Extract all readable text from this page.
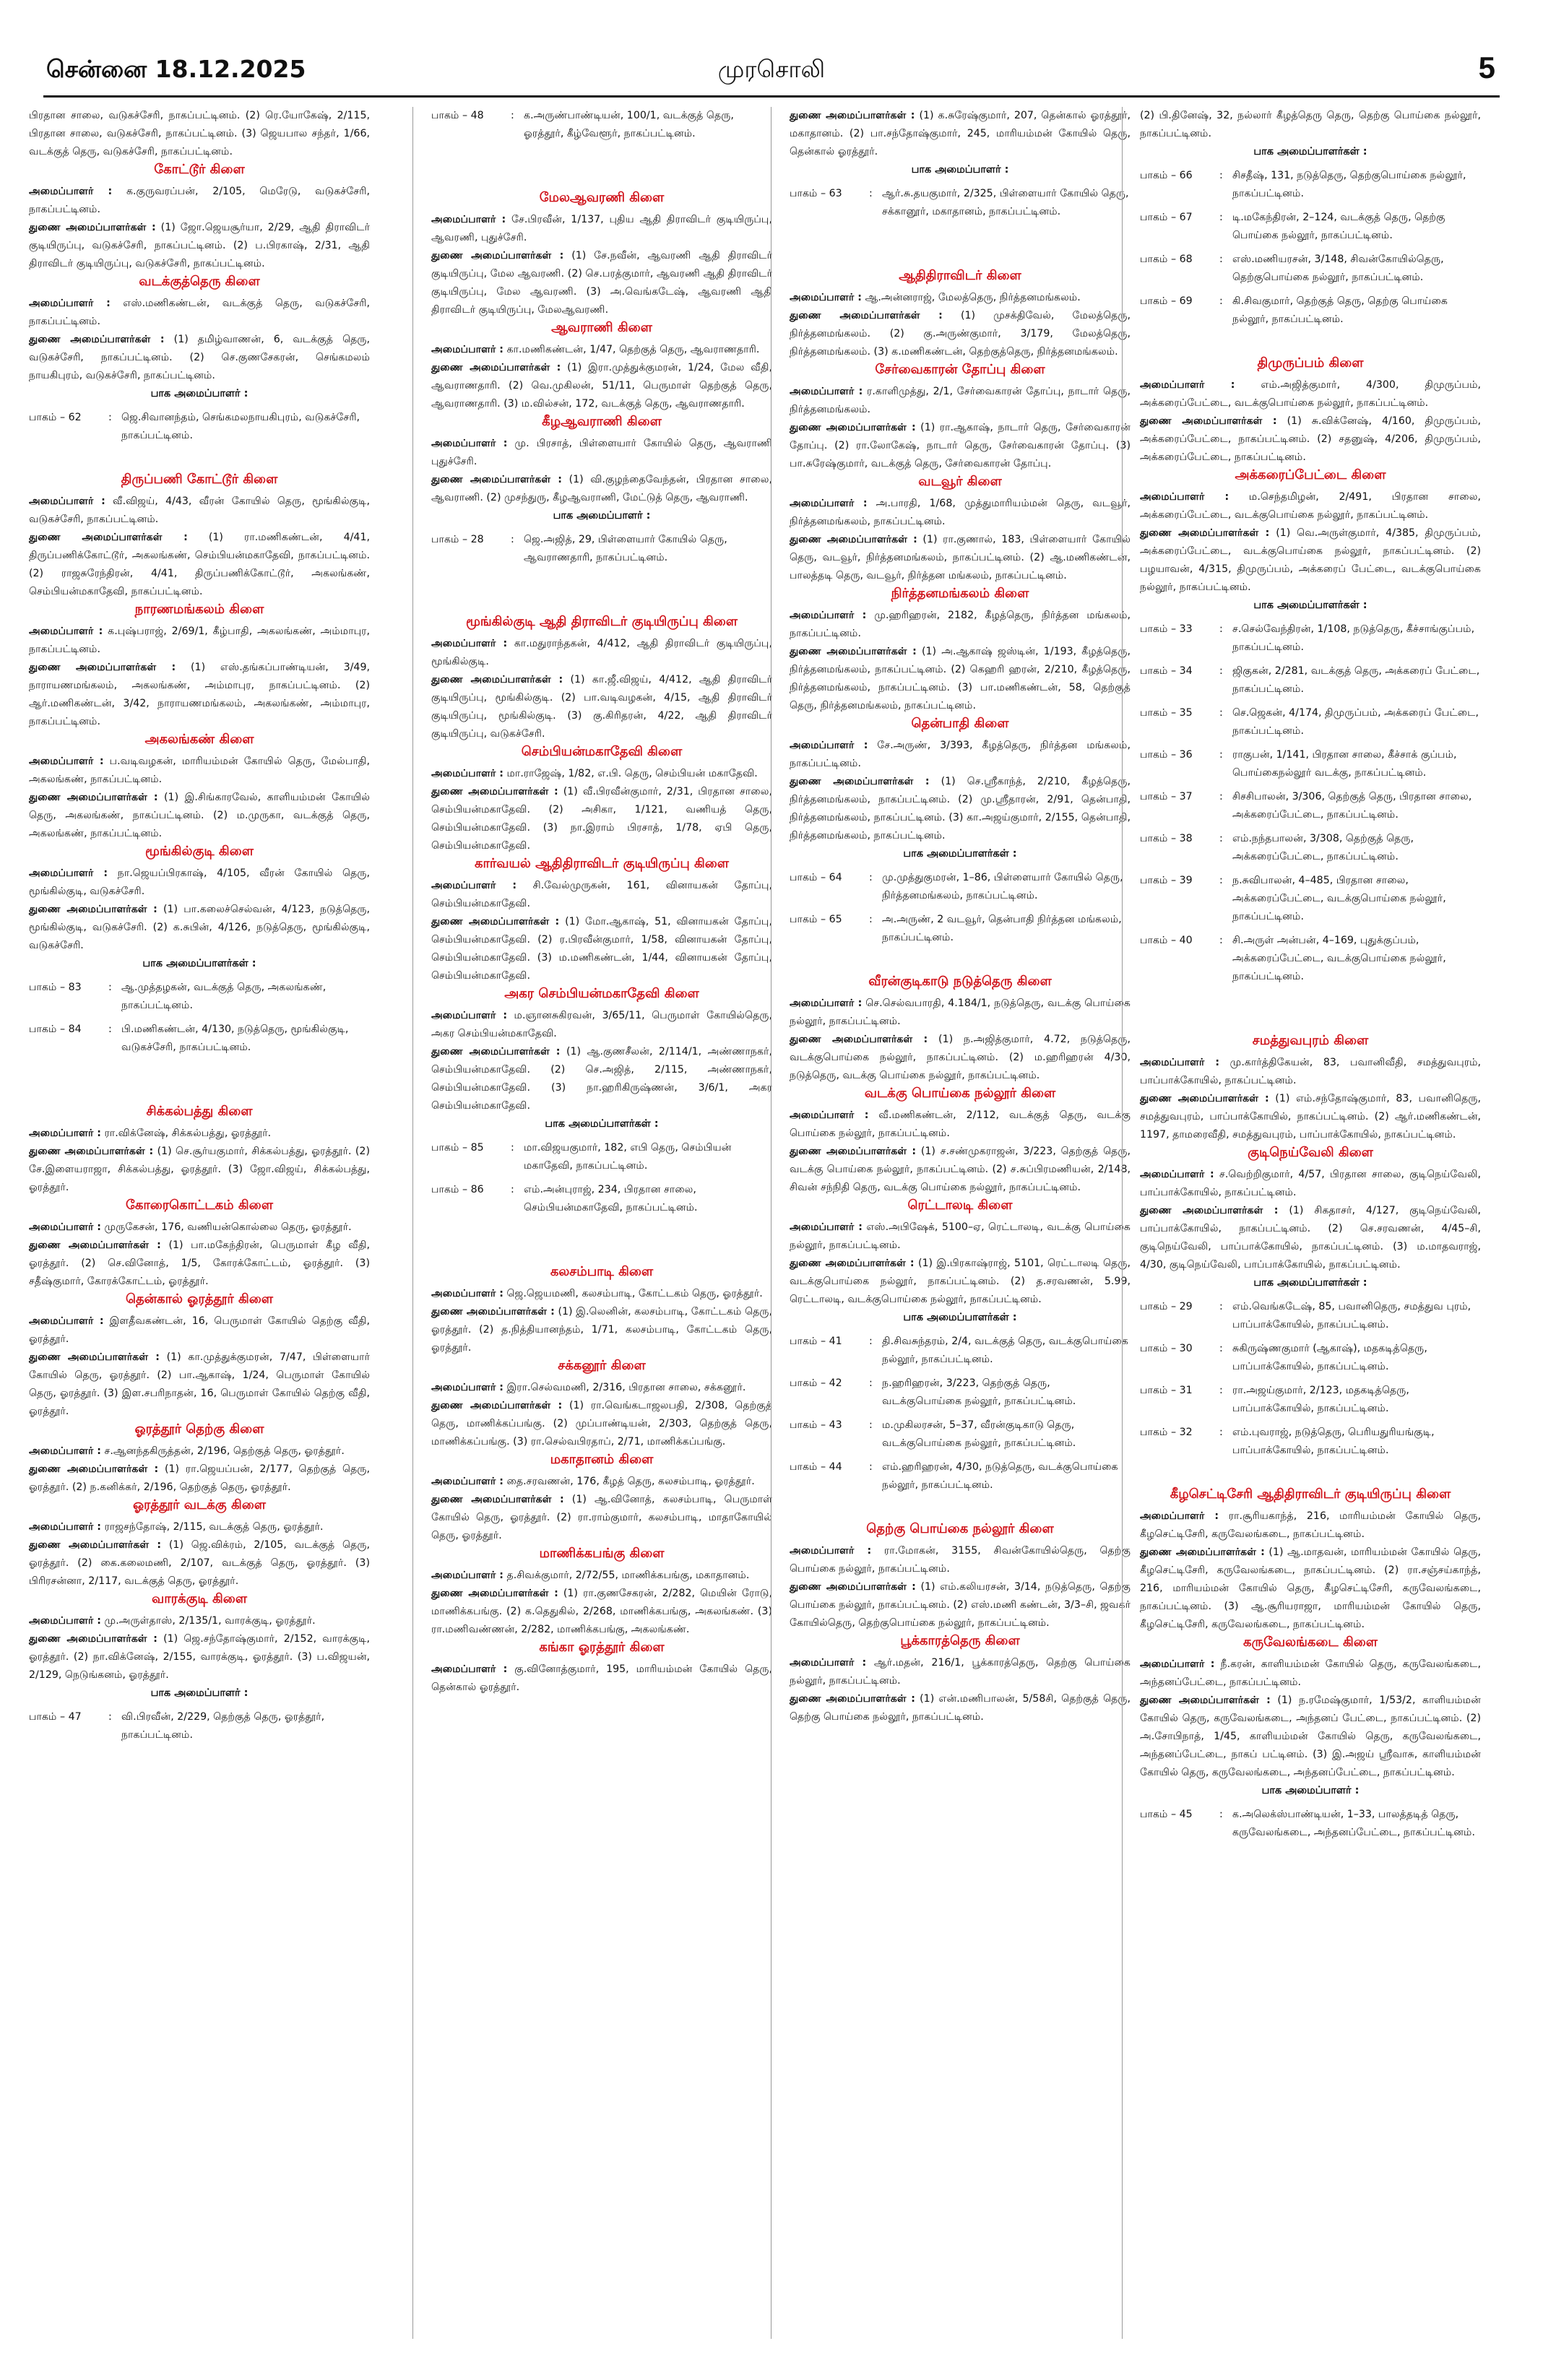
சென்னை 18.12.2025	முரசொலி	5

பிரதான சாலை, வடுகச்சேரி, நாகப்பட்டினம். (2) ரெ.யோகேஷ், 2/115, பிரதான சாலை, வடுகச்சேரி, நாகப்பட்டினம். (3) ஜெயபால சந்தர், 1/66, வடக்குத் தெரு, வடுகச்சேரி, நாகப்பட்டினம்.

கோட்டூர் கிளை

அமைப்பாளர் : க.குருவரப்பன், 2/105, மெரேடு, வடுகச்சேரி, நாகப்பட்டினம்.

துணை அமைப்பாளர்கள் : (1) ஜோ.ஜெயசூர்யா, 2/29, ஆதி திராவிடர் குடியிருப்பு, வடுகச்சேரி, நாகப்பட்டினம். (2) ப.பிரகாஷ், 2/31, ஆதி திராவிடர் குடியிருப்பு, வடுகச்சேரி, நாகப்பட்டினம்.

வடக்குத்தெரு கிளை

அமைப்பாளர் : எஸ்.மணிகண்டன், வடக்குத் தெரு, வடுகச்சேரி, நாகப்பட்டினம்.

துணை அமைப்பாளர்கள் : (1) தமிழ்வாணன், 6, வடக்குத் தெரு, வடுகச்சேரி, நாகப்பட்டினம். (2) செ.குணசேகரன், செங்கமலம் நாயகிபுரம், வடுகச்சேரி, நாகப்பட்டினம்.

பாக அமைப்பாளர் :
பாகம் – 62	: ஜெ.சிவானந்தம், செங்கமலநாயகிபுரம், வடுகச்சேரி, நாகப்பட்டினம்.
திருப்பணி கோட்டூர் கிளை

அமைப்பாளர் : வீ.விஜய், 4/43, வீரன் கோயில் தெரு, மூங்கில்குடி, வடுகச்சேரி, நாகப்பட்டினம்.

துணை அமைப்பாளர்கள் : (1) ரா.மணிகண்டன், 4/41, திருப்பணிக்கோட்டூர், அகலங்கண், செம்பியன்மகாதேவி, நாகப்பட்டினம். (2) ராஜசுரேந்திரன், 4/41, திருப்பணிக்கோட்டூர், அகலங்கண், செம்பியன்மகாதேவி, நாகப்பட்டினம்.

நாரணமங்கலம் கிளை

அமைப்பாளர் : க.புஷ்பராஜ், 2/69/1, கீழ்பாதி, அகலங்கண், அம்மாபுர, நாகப்பட்டினம்.

துணை அமைப்பாளர்கள் : (1) எஸ்.தங்கப்பாண்டியன், 3/49, நாராயணமங்கலம், அகலங்கண், அம்மாபுர, நாகப்பட்டினம். (2) ஆர்.மணிகண்டன், 3/42, நாராயணமங்கலம், அகலங்கண், அம்மாபுர, நாகப்பட்டினம்.

அகலங்கண் கிளை

அமைப்பாளர் : ப.வடிவழகன், மாரியம்மன் கோயில் தெரு, மேல்பாதி, அகலங்கண், நாகப்பட்டினம்.

துணை அமைப்பாளர்கள் : (1) இ.சிங்காரவேல், காளியம்மன் கோயில் தெரு, அகலங்கண், நாகப்பட்டினம். (2) ம.முருகா, வடக்குத் தெரு, அகலங்கண், நாகப்பட்டினம்.

மூங்கில்குடி கிளை

அமைப்பாளர் : நா.ஜெயப்பிரகாஷ், 4/105, வீரன் கோயில் தெரு, மூங்கில்குடி, வடுகச்சேரி.

துணை அமைப்பாளர்கள் : (1) பா.கலைச்செல்வன், 4/123, நடுத்தெரு, மூங்கில்குடி, வடுகச்சேரி. (2) க.சுபின், 4/126, நடுத்தெரு, மூங்கில்குடி, வடுகச்சேரி.

பாக அமைப்பாளர்கள் :
பாகம் – 83	: ஆ.முத்தழகன், வடக்குத் தெரு, அகலங்கண், நாகப்பட்டினம்.
பாகம் – 84	: பி.மணிகண்டன், 4/130, நடுத்தெரு, மூங்கில்குடி, வடுகச்சேரி, நாகப்பட்டினம்.
சிக்கல்பத்து கிளை

அமைப்பாளர் : ரா.விக்னேஷ், சிக்கல்பத்து, ஓரத்தூர்.

துணை அமைப்பாளர்கள் : (1) செ.சூர்யகுமார், சிக்கல்பத்து, ஓரத்தூர். (2) சே.இளையராஜா, சிக்கல்பத்து, ஓரத்தூர். (3) ஜோ.விஜய், சிக்கல்பத்து, ஓரத்தூர்.

கோரைகொட்டகம் கிளை

அமைப்பாளர் : முருகேசன், 176, வணியன்கொல்லை தெரு, ஓரத்தூர்.

துணை அமைப்பாளர்கள் : (1) பா.மகேந்திரன், பெருமாள் கீழ வீதி, ஓரத்தூர். (2) செ.வினோத், 1/5, கோரக்கோட்டம், ஓரத்தூர். (3) சதீஷ்குமார், கோரக்கோட்டம், ஓரத்தூர்.

தென்கால் ஓரத்தூர் கிளை

அமைப்பாளர் : இளதீவகண்டன், 16, பெருமாள் கோயில் தெற்கு வீதி, ஓரத்தூர்.

துணை அமைப்பாளர்கள் : (1) கா.முத்துக்குமரன், 7/47, பிள்ளையார் கோயில் தெரு, ஓரத்தூர். (2) பா.ஆகாஷ், 1/24, பெருமாள் கோயில் தெரு, ஓரத்தூர். (3) இள.சபரிநாதன், 16, பெருமாள் கோயில் தெற்கு வீதி, ஓரத்தூர்.

ஓரத்தூர் தெற்கு கிளை

அமைப்பாளர் : ச.ஆனந்தகிருத்தன், 2/196, தெற்குத் தெரு, ஓரத்தூர்.

துணை அமைப்பாளர்கள் : (1) ரா.ஜெயப்பன், 2/177, தெற்குத் தெரு, ஓரத்தூர். (2) ந.கனிக்கர், 2/196, தெற்குத் தெரு, ஓரத்தூர்.

ஓரத்தூர் வடக்கு கிளை

அமைப்பாளர் : ராஜசந்தோஷ், 2/115, வடக்குத் தெரு, ஓரத்தூர்.

துணை அமைப்பாளர்கள் : (1) ஜெ.விக்ரம், 2/105, வடக்குத் தெரு, ஓரத்தூர். (2) கை.கலைமணி, 2/107, வடக்குத் தெரு, ஓரத்தூர். (3) பிரிரசன்னா, 2/117, வடக்குத் தெரு, ஓரத்தூர்.

வாரக்குடி கிளை

அமைப்பாளர் : மு.அருள்தாஸ், 2/135/1, வாரக்குடி, ஓரத்தூர்.

துணை அமைப்பாளர்கள் : (1) ஜெ.சந்தோஷ்குமார், 2/152, வாரக்குடி, ஓரத்தூர். (2) நா.விக்னேஷ், 2/155, வாரக்குடி, ஓரத்தூர். (3) ப.விஜயன், 2/129, நெடுங்கனம், ஓரத்தூர்.

பாக அமைப்பாளர் :
பாகம் – 47	: வி.பிரவீன், 2/229, தெற்குத் தெரு, ஓரத்தூர், நாகப்பட்டினம்.
பாகம் – 48	: க.அருண்பாண்டியன், 100/1, வடக்குத் தெரு, ஓரத்தூர், கீழ்வேளூர், நாகப்பட்டினம்.
மேலஆவரணி கிளை

அமைப்பாளர் : சே.பிரவீன், 1/137, புதிய ஆதி திராவிடர் குடியிருப்பு, ஆவரணி, புதுச்சேரி.

துணை அமைப்பாளர்கள் : (1) சே.நவீன், ஆவரணி ஆதி திராவிடர் குடியிருப்பு, மேல ஆவரணி. (2) செ.பரத்குமார், ஆவரணி ஆதி திராவிடர் குடியிருப்பு, மேல ஆவரணி. (3) அ.வெங்கடேஷ், ஆவரணி ஆதி திராவிடர் குடியிருப்பு, மேலஆவரணி.

ஆவராணி கிளை

அமைப்பாளர் : கா.மணிகண்டன், 1/47, தெற்குத் தெரு, ஆவராணதாரி.

துணை அமைப்பாளர்கள் : (1) இரா.முத்துக்குமரன், 1/24, மேல வீதி, ஆவராணதாரி. (2) வெ.முகிலன், 51/11, பெருமாள் தெற்குத் தெரு, ஆவராணதாரி. (3) ம.வில்சன், 172, வடக்குத் தெரு, ஆவராணதாரி.

கீழஆவராணி கிளை

அமைப்பாளர் : மு. பிரசாத், பிள்ளையார் கோயில் தெரு, ஆவராணி புதுச்சேரி.

துணை அமைப்பாளர்கள் : (1) வி.குழந்தைவேந்தன், பிரதான சாலை, ஆவராணி. (2) முசந்துரு, கீழஆவராணி, மேட்டுத் தெரு, ஆவராணி.

பாக அமைப்பாளர் :
பாகம் – 28	: ஜெ.அஜித், 29, பிள்ளையார் கோயில் தெரு, ஆவராணதாரி, நாகப்பட்டினம்.
மூங்கில்குடி ஆதி திராவிடர் குடியிருப்பு கிளை

அமைப்பாளர் : கா.மதுராந்தகன், 4/412, ஆதி திராவிடர் குடியிருப்பு, மூங்கில்குடி.

துணை அமைப்பாளர்கள் : (1) கா.ஜீ.விஜய், 4/412, ஆதி திராவிடர் குடியிருப்பு, மூங்கில்குடி. (2) பா.வடிவழகன், 4/15, ஆதி திராவிடர் குடியிருப்பு, மூங்கில்குடி. (3) கு.கிரிதரன், 4/22, ஆதி திராவிடர் குடியிருப்பு, வடுகச்சேரி.

செம்பியன்மகாதேவி கிளை

அமைப்பாளர் : மா.ராஜேஷ், 1/82, எ.பி. தெரு, செம்பியன் மகாதேவி.

துணை அமைப்பாளர்கள் : (1) வீ.பிரவீன்குமார், 2/31, பிரதான சாலை, செம்பியன்மகாதேவி. (2) அசிகா, 1/121, வணியத் தெரு, செம்பியன்மகாதேவி. (3) நா.இராம் பிரசாத், 1/78, ஏபி தெரு, செம்பியன்மகாதேவி.

கார்வயல் ஆதிதிராவிடர் குடியிருப்பு கிளை

அமைப்பாளர் : சி.வேல்முருகன், 161, வினாயகன் தோப்பு, செம்பியன்மகாதேவி.

துணை அமைப்பாளர்கள் : (1) மோ.ஆகாஷ், 51, வினாயகன் தோப்பு, செம்பியன்மகாதேவி. (2) ர.பிரவீன்குமார், 1/58, வினாயகன் தோப்பு, செம்பியன்மகாதேவி. (3) ம.மணிகண்டன், 1/44, வினாயகன் தோப்பு, செம்பியன்மகாதேவி.

அகர செம்பியன்மகாதேவி கிளை

அமைப்பாளர் : ம.ஞானசுகிரவன், 3/65/11, பெருமாள் கோயில்தெரு, அகர செம்பியன்மகாதேவி.

துணை அமைப்பாளர்கள் : (1) ஆ.குணசீலன், 2/114/1, அண்ணாநகர், செம்பியன்மகாதேவி. (2) செ.அஜித், 2/115, அண்ணாநகர், செம்பியன்மகாதேவி. (3) நா.ஹரிகிருஷ்ணன், 3/6/1, அகர செம்பியன்மகாதேவி.

பாக அமைப்பாளர்கள் :
பாகம் – 85	: மா.விஜயகுமார், 182, எபி தெரு, செம்பியன் மகாதேவி, நாகப்பட்டினம்.
பாகம் – 86	: எம்.அன்புராஜ், 234, பிரதான சாலை, செம்பியன்மகாதேவி, நாகப்பட்டினம்.
கலசம்பாடி கிளை

அமைப்பாளர் : ஜெ.ஜெயமணி, கலசம்பாடி, கோட்டகம் தெரு, ஓரத்தூர்.

துணை அமைப்பாளர்கள் : (1) இ.லெனின், கலசம்பாடி, கோட்டகம் தெரு, ஓரத்தூர். (2) த.நித்தியானந்தம், 1/71, கலசம்பாடி, கோட்டகம் தெரு, ஓரத்தூர்.

சக்கனூர் கிளை

அமைப்பாளர் : இரா.செல்வமணி, 2/316, பிரதான சாலை, சக்கனூர்.

துணை அமைப்பாளர்கள் : (1) ரா.வெங்கடாஜலபதி, 2/308, தெற்குத் தெரு, மாணிக்கப்பங்கு. (2) முப்பாண்டியன், 2/303, தெற்குத் தெரு, மாணிக்கப்பங்கு. (3) ரா.செல்வபிரதாப், 2/71, மாணிக்கப்பங்கு.

மகாதானம் கிளை

அமைப்பாளர் : தை.சரவணன், 176, கீழத் தெரு, கலசம்பாடி, ஓரத்தூர்.

துணை அமைப்பாளர்கள் : (1) ஆ.வினோத், கலசம்பாடி, பெருமாள் கோயில் தெரு, ஓரத்தூர். (2) ரா.ராம்குமார், கலசம்பாடி, மாதாகோயில் தெரு, ஓரத்தூர்.

மாணிக்கபங்கு கிளை

அமைப்பாளர் : த.சிவக்குமார், 2/72/55, மாணிக்கபங்கு, மகாதானம்.

துணை அமைப்பாளர்கள் : (1) ரா.குணசேகரன், 2/282, மெயின் ரோடு, மாணிக்கபங்கு. (2) க.தெதுகில், 2/268, மாணிக்கபங்கு, அகலங்கண். (3) ரா.மணிவண்ணன், 2/282, மாணிக்கபங்கு, அகலங்கண்.

கங்கா ஓரத்தூர் கிளை

அமைப்பாளர் : கு.வினோத்குமார், 195, மாரியம்மன் கோயில் தெரு, தென்கால் ஓரத்தூர்.

துணை அமைப்பாளர்கள் : (1) க.சுரேஷ்குமார், 207, தென்கால் ஓரத்தூர், மகாதானம். (2) பா.சந்தோஷ்குமார், 245, மாரியம்மன் கோயில் தெரு, தென்கால் ஓரத்தூர்.

பாக அமைப்பாளர் :
பாகம் – 63	: ஆர்.சு.தயகுமார், 2/325, பிள்ளையார் கோயில் தெரு, சக்கானூர், மகாதானம், நாகப்பட்டினம்.
ஆதிதிராவிடர் கிளை

அமைப்பாளர் : ஆ.அன்னராஜ், மேலத்தெரு, நிர்த்தனமங்கலம்.

துணை அமைப்பாளர்கள் : (1) முசக்திவேல், மேலத்தெரு, நிர்த்தனமங்கலம். (2) கு.அருண்குமார், 3/179, மேலத்தெரு, நிர்த்தனமங்கலம். (3) க.மணிகண்டன், தெற்குத்தெரு, நிர்த்தனமங்கலம்.

சேர்வைகாரன் தோப்பு கிளை

அமைப்பாளர் : ர.காளிமுத்து, 2/1, சேர்வைகாரன் தோப்பு, நாடார் தெரு, நிர்த்தனமங்கலம்.

துணை அமைப்பாளர்கள் : (1) ரா.ஆகாஷ், நாடார் தெரு, சேர்வைகாரன் தோப்பு. (2) ரா.லோகேஷ், நாடார் தெரு, சேர்வைகாரன் தோப்பு. (3) பா.சுரேஷ்குமார், வடக்குத் தெரு, சேர்வைகாரன் தோப்பு.

வடவூர் கிளை

அமைப்பாளர் : அ.பாரதி, 1/68, முத்துமாரியம்மன் தெரு, வடவூர், நிர்த்தனமங்கலம், நாகப்பட்டினம்.

துணை அமைப்பாளர்கள் : (1) ரா.குணால், 183, பிள்ளையார் கோயில் தெரு, வடவூர், நிர்த்தனமங்கலம், நாகப்பட்டினம். (2) ஆ.மணிகண்டன், பாலத்தடி தெரு, வடவூர், நிர்த்தன மங்கலம், நாகப்பட்டினம்.

நிர்த்தனமங்கலம் கிளை

அமைப்பாளர் : மு.ஹரிஹரன், 2182, கீழத்தெரு, நிர்த்தன மங்கலம், நாகப்பட்டினம்.

துணை அமைப்பாளர்கள் : (1) அ.ஆகாஷ் ஜஸ்டின், 1/193, கீழத்தெரு, நிர்த்தனமங்கலம், நாகப்பட்டினம். (2) கெஹரி ஹரன், 2/210, கீழத்தெரு, நிர்த்தனமங்கலம், நாகப்பட்டினம். (3) பா.மணிகண்டன், 58, தெற்குத் தெரு, நிர்த்தனமங்கலம், நாகப்பட்டினம்.

தென்பாதி கிளை

அமைப்பாளர் : சே.அருண், 3/393, கீழத்தெரு, நிர்த்தன மங்கலம், நாகப்பட்டினம்.

துணை அமைப்பாளர்கள் : (1) செ.ஸ்ரீகாந்த், 2/210, கீழத்தெரு, நிர்த்தனமங்கலம், நாகப்பட்டினம். (2) மு.ஸ்ரீதாரன், 2/91, தென்பாதி, நிர்த்தனமங்கலம், நாகப்பட்டினம். (3) கா.அஜய்குமார், 2/155, தென்பாதி, நிர்த்தனமங்கலம், நாகப்பட்டினம்.

பாக அமைப்பாளர்கள் :
பாகம் – 64	: மு.முத்துகுமரன், 1–86, பிள்ளையார் கோயில் தெரு, நிர்த்தனமங்கலம், நாகப்பட்டினம்.
பாகம் – 65	: அ.அருண், 2 வடவூர், தென்பாதி நிர்த்தன மங்கலம், நாகப்பட்டினம்.
வீரன்குடிகாடு நடுத்தெரு கிளை

அமைப்பாளர் : செ.செல்வபாரதி, 4.184/1, நடுத்தெரு, வடக்கு பொய்கை நல்லூர், நாகப்பட்டினம்.

துணை அமைப்பாளர்கள் : (1) ந.அஜித்குமார், 4.72, நடுத்தெரு, வடக்குபொய்கை நல்லூர், நாகப்பட்டினம். (2) ம.ஹரிஹரன் 4/30, நடுத்தெரு, வடக்கு பொய்கை நல்லூர், நாகப்பட்டினம்.

வடக்கு பொய்கை நல்லூர் கிளை

அமைப்பாளர் : வீ.மணிகண்டன், 2/112, வடக்குத் தெரு, வடக்கு பொய்கை நல்லூர், நாகப்பட்டினம்.

துணை அமைப்பாளர்கள் : (1) ச.சண்முகராஜன், 3/223, தெற்குத் தெரு, வடக்கு பொய்கை நல்லூர், நாகப்பட்டினம். (2) ச.சுப்பிரமணியன், 2/148, சிவன் சந்நிதி தெரு, வடக்கு பொய்கை நல்லூர், நாகப்பட்டினம்.

ரெட்டாலடி கிளை

அமைப்பாளர் : எஸ்.அபிஷேக், 5100–ஏ, ரெட்டாலடி, வடக்கு பொய்கை நல்லூர், நாகப்பட்டினம்.

துணை அமைப்பாளர்கள் : (1) இ.பிரகாஷ்ராஜ், 5101, ரெட்டாலடி தெரு, வடக்குபொய்கை நல்லூர், நாகப்பட்டினம். (2) த.சரவணன், 5.99, ரெட்டாலடி, வடக்குபொய்கை நல்லூர், நாகப்பட்டினம்.

பாக அமைப்பாளர்கள் :
பாகம் – 41	: தி.சிவசுந்தரம், 2/4, வடக்குத் தெரு, வடக்குபொய்கை நல்லூர், நாகப்பட்டினம்.
பாகம் – 42	: ந.ஹரிஹரன், 3/223, தெற்குத் தெரு, வடக்குபொய்கை நல்லூர், நாகப்பட்டினம்.
பாகம் – 43	: ம.முகிலரசன், 5–37, வீரன்குடிகாடு தெரு, வடக்குபொய்கை நல்லூர், நாகப்பட்டினம்.
பாகம் – 44	: எம்.ஹரிஹரன், 4/30, நடுத்தெரு, வடக்குபொய்கை நல்லூர், நாகப்பட்டினம்.
தெற்கு பொய்கை நல்லூர் கிளை

அமைப்பாளர் : ரா.மோகன், 3155, சிவன்கோயில்தெரு, தெற்கு பொய்கை நல்லூர், நாகப்பட்டினம்.

துணை அமைப்பாளர்கள் : (1) எம்.கலியரசன், 3/14, நடுத்தெரு, தெற்கு பொய்கை நல்லூர், நாகப்பட்டினம். (2) எஸ்.மணி கண்டன், 3/3–சி, ஜவகர் கோயில்தெரு, தெற்குபொய்கை நல்லூர், நாகப்பட்டினம்.

பூக்காரத்தெரு கிளை

அமைப்பாளர் : ஆர்.மதன், 216/1, பூக்காரத்தெரு, தெற்கு பொய்கை நல்லூர், நாகப்பட்டினம்.

துணை அமைப்பாளர்கள் : (1) என்.மணிபாலன், 5/58சி, தெற்குத் தெரு, தெற்கு பொய்கை நல்லூர், நாகப்பட்டினம்.

(2) பி.தினேஷ், 32, நல்லார் கீழத்தெரு தெரு, தெற்கு பொய்கை நல்லூர், நாகப்பட்டினம்.

பாக அமைப்பாளர்கள் :
பாகம் – 66	: சிசதீஷ், 131, நடுத்தெரு, தெற்குபொய்கை நல்லூர், நாகப்பட்டினம்.
பாகம் – 67	: டி.மகேந்திரன், 2–124, வடக்குத் தெரு, தெற்கு பொய்கை நல்லூர், நாகப்பட்டினம்.
பாகம் – 68	: எஸ்.மணியரசன், 3/148, சிவன்கோயில்தெரு, தெற்குபொய்கை நல்லூர், நாகப்பட்டினம்.
பாகம் – 69	: கி.சிவகுமார், தெற்குத் தெரு, தெற்கு பொய்கை நல்லூர், நாகப்பட்டினம்.
திமுருப்பம் கிளை

அமைப்பாளர் :	எம்.அஜித்குமார், 4/300, திமுருப்பம், அக்கரைப்பேட்டை, வடக்குபொய்கை நல்லூர், நாகப்பட்டினம்.

துணை அமைப்பாளர்கள் : (1) சு.விக்னேஷ், 4/160, திமுருப்பம், அக்கரைப்பேட்டை, நாகப்பட்டினம். (2) சதனுஷ், 4/206, திமுருப்பம், அக்கரைப்பேட்டை, நாகப்பட்டினம்.

அக்கரைப்பேட்டை கிளை

அமைப்பாளர் : ம.செந்தமிழன், 2/491, பிரதான சாலை, அக்கரைப்பேட்டை, வடக்குபொய்கை நல்லூர், நாகப்பட்டினம்.

துணை அமைப்பாளர்கள் : (1) வெ.அருள்குமார், 4/385, திமுருப்பம், அக்கரைப்பேட்டை, வடக்குபொய்கை நல்லூர், நாகப்பட்டினம். (2) பழயாவன், 4/315, திமுருப்பம், அக்கரைப் பேட்டை, வடக்குபொய்கை நல்லூர், நாகப்பட்டினம்.

பாக அமைப்பாளர்கள் :
பாகம் – 33	: ச.செல்வேந்திரன், 1/108, நடுத்தெரு, கீச்சாங்குப்பம், நாகப்பட்டினம்.
பாகம் – 34	: ஜிகுகன், 2/281, வடக்குத் தெரு, அக்கரைப் பேட்டை, நாகப்பட்டினம்.
பாகம் – 35	: செ.ஜெகன், 4/174, திமுருப்பம், அக்கரைப் பேட்டை, நாகப்பட்டினம்.
பாகம் – 36	: ராகுபன், 1/141, பிரதான சாலை, கீச்சாக் குப்பம், பொய்கைநல்லூர் வடக்கு, நாகப்பட்டினம்.
பாகம் – 37	: சிசசிபாலன், 3/306, தெற்குத் தெரு, பிரதான சாலை, அக்கரைப்பேட்டை, நாகப்பட்டினம்.
பாகம் – 38	: எம்.நந்தபாலன், 3/308, தெற்குத் தெரு, அக்கரைப்பேட்டை, நாகப்பட்டினம்.
பாகம் – 39	: ந.சுவிபாலன், 4–485, பிரதான சாலை, அக்கரைப்பேட்டை, வடக்குபொய்கை நல்லூர், நாகப்பட்டினம்.
பாகம் – 40	: சி.அருள் அன்பன், 4–169, புதுக்குப்பம், அக்கரைப்பேட்டை, வடக்குபொய்கை நல்லூர், நாகப்பட்டினம்.
சமத்துவபுரம் கிளை

அமைப்பாளர் : மு.கார்த்திகேயன், 83, பவானிவீதி, சமத்துவபுரம், பாப்பாக்கோயில், நாகப்பட்டினம்.

துணை அமைப்பாளர்கள் : (1) எம்.சந்தோஷ்குமார், 83, பவானிதெரு, சமத்துவபுரம், பாப்பாக்கோயில், நாகப்பட்டினம். (2) ஆர்.மணிகண்டன், 1197, தாமரைவீதி, சமத்துவபுரம், பாப்பாக்கோயில், நாகப்பட்டினம்.

குடிநெய்வேலி கிளை

அமைப்பாளர் : ச.வெற்றிகுமார், 4/57, பிரதான சாலை, குடிநெய்வேலி, பாப்பாக்கோயில், நாகப்பட்டினம்.

துணை அமைப்பாளர்கள் : (1) சிகதாசர், 4/127, குடிநெய்வேலி, பாப்பாக்கோயில், நாகப்பட்டினம். (2) செ.சரவணன், 4/45–சி, குடிநெய்வேலி, பாப்பாக்கோயில், நாகப்பட்டினம். (3) ம.மாதவராஜ், 4/30, குடிநெய்வேலி, பாப்பாக்கோயில், நாகப்பட்டினம்.

பாக அமைப்பாளர்கள் :
பாகம் – 29	: எம்.வெங்கடேஷ், 85, பவானிதெரு, சமத்துவ புரம், பாப்பாக்கோயில், நாகப்பட்டினம்.
பாகம் – 30	: சுகிருஷ்ணகுமார் (ஆகாஷ்), மதகடித்தெரு, பாப்பாக்கோயில், நாகப்பட்டினம்.
பாகம் – 31	: ரா.அஜய்குமார், 2/123, மதகடித்தெரு, பாப்பாக்கோயில், நாகப்பட்டினம்.
பாகம் – 32	: எம்.புவராஜ், நடுத்தெரு, பெரியதுரியங்குடி, பாப்பாக்கோயில், நாகப்பட்டினம்.
கீழசெட்டிசேரி ஆதிதிராவிடர் குடியிருப்பு கிளை

அமைப்பாளர் : ரா.சூரியகாந்த், 216, மாரியம்மன் கோயில் தெரு, கீழசெட்டிசேரி, கருவேலங்கடை, நாகப்பட்டினம்.

துணை அமைப்பாளர்கள் : (1) ஆ.மாதவன், மாரியம்மன் கோயில் தெரு, கீழசெட்டிசேரி, கருவேலங்கடை, நாகப்பட்டினம். (2) ரா.சஞ்சய்காந்த், 216, மாரியம்மன் கோயில் தெரு, கீழசெட்டிசேரி, கருவேலங்கடை, நாகப்பட்டினம். (3) ஆ.சூரியராஜா, மாரியம்மன் கோயில் தெரு, கீழசெட்டிசேரி, கருவேலங்கடை, நாகப்பட்டினம்.

கருவேலங்கடை கிளை

அமைப்பாளர் : நீ.கரன், காளியம்மன் கோயில் தெரு, கருவேலங்கடை, அந்தனப்பேட்டை, நாகப்பட்டினம்.

துணை அமைப்பாளர்கள் : (1) ந.ரமேஷ்குமார், 1/53/2, காளியம்மன் கோயில் தெரு, கருவேலங்கடை, அந்தனப் பேட்டை, நாகப்பட்டினம். (2) அ.சோபிநாத், 1/45, காளியம்மன் கோயில் தெரு, கருவேலங்கடை, அந்தனப்பேட்டை, நாகப் பட்டினம். (3) இ.அஜய் ஸ்ரீவாசு, காளியம்மன் கோயில் தெரு, கருவேலங்கடை, அந்தனப்பேட்டை, நாகப்பட்டினம்.

பாக அமைப்பாளர் :
பாகம் – 45	: க.அலெக்ஸ்பாண்டியன், 1–33, பாலத்தடித் தெரு, கருவேலங்கடை, அந்தனப்பேட்டை, நாகப்பட்டினம்.
